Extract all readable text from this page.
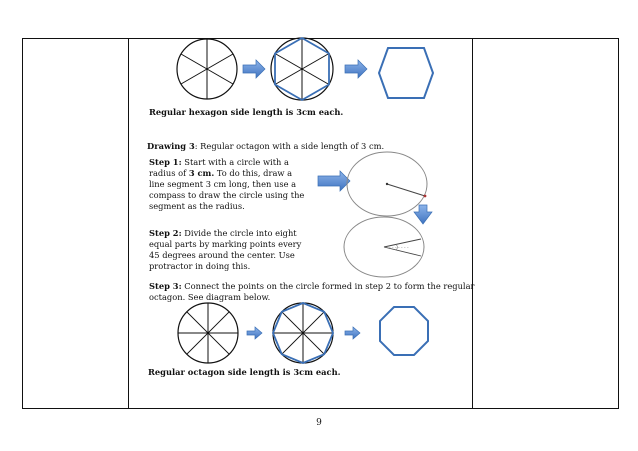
Regular hexagon side length is 3cm each.
Drawing 3: Regular octagon with a side length of 3 cm.
Step 1: Start with a circle with a
radius of 3 cm. To do this, draw a
line segment 3 cm long, then use a
compass to draw the circle using the
segment as the radius.
Step 2: Divide the circle into eight
equal parts by marking points every
45 degrees around the center. Use
protractor in doing this.
Step 3: Connect the points on the circle formed in step 2 to form the regular
octagon. See diagram below.
Regular octagon side length is 3cm each.
9
